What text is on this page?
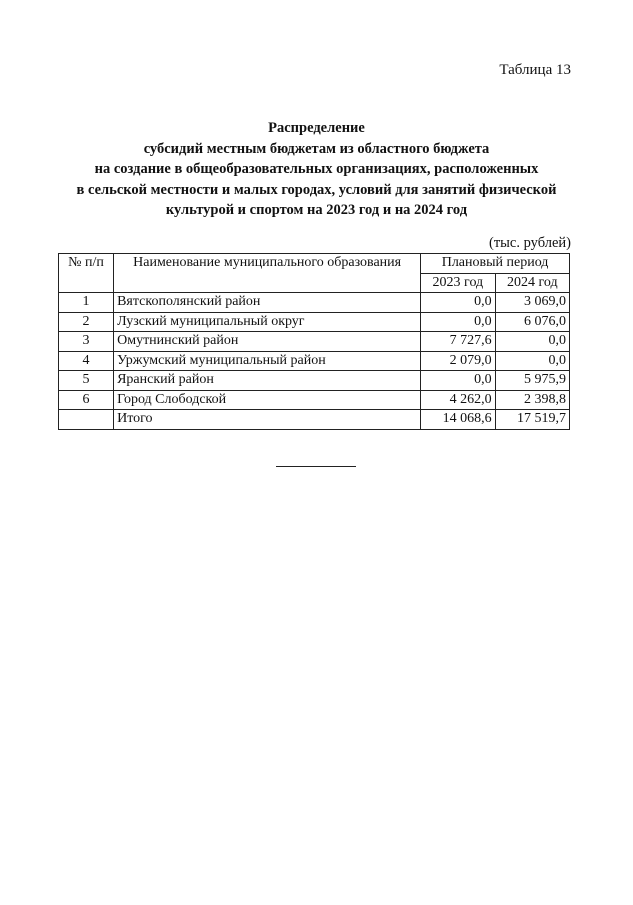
Таблица 13
Распределение
субсидий местным бюджетам из областного бюджета
на создание в общеобразовательных организациях, расположенных
в сельской местности и малых городах, условий для занятий физической
культурой и спортом на 2023 год и на 2024 год
(тыс. рублей)
№ п/п	Наименование муниципального образования	Плановый период	
		2023 год	2024 год
1	Вятскополянский район	0,0	3 069,0
2	Лузский муниципальный округ	0,0	6 076,0
3	Омутнинский район	7 727,6	0,0
4	Уржумский муниципальный район	2 079,0	0,0
5	Яранский район	0,0	5 975,9
6	Город Слободской	4 262,0	2 398,8
	Итого	14 068,6	17 519,7
